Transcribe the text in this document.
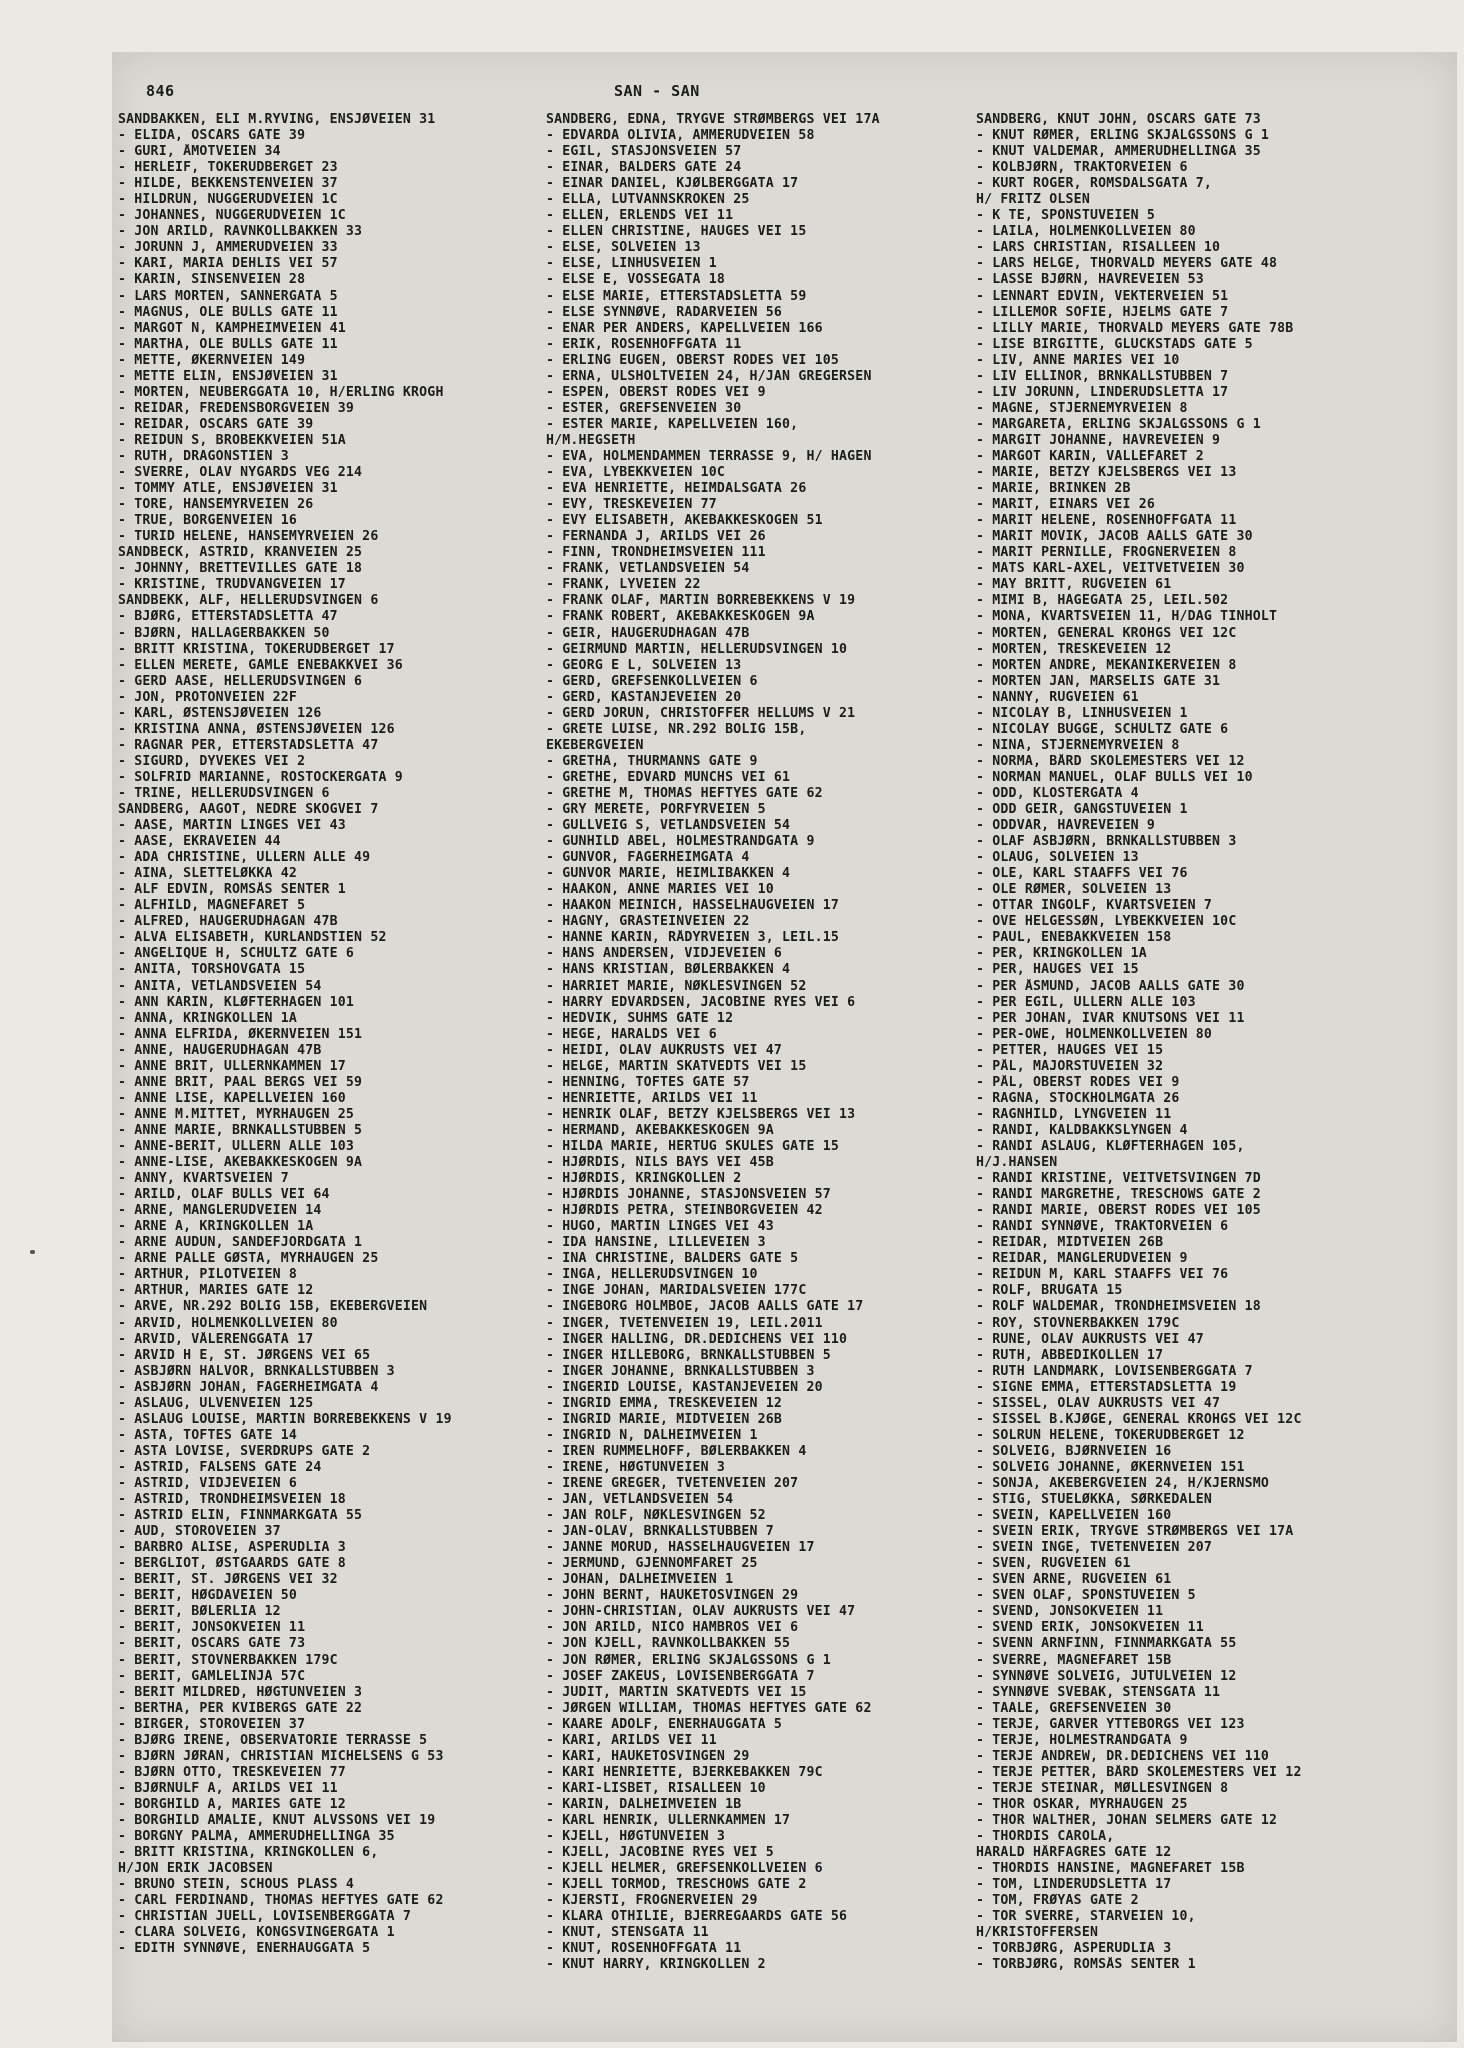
846	SAN - SAN
SANDBAKKEN, ELI M.RYVING, ENSJØVEIEN 31
- ELIDA, OSCARS GATE 39
- GURI, ÅMOTVEIEN 34
- HERLEIF, TOKERUDBERGET 23
- HILDE, BEKKENSTENVEIEN 37
- HILDRUN, NUGGERUDVEIEN 1C
- JOHANNES, NUGGERUDVEIEN 1C
- JON ARILD, RAVNKOLLBAKKEN 33
- JORUNN J, AMMERUDVEIEN 33
- KARI, MARIA DEHLIS VEI 57
- KARIN, SINSENVEIEN 28
- LARS MORTEN, SANNERGATA 5
- MAGNUS, OLE BULLS GATE 11
- MARGOT N, KAMPHEIMVEIEN 41
- MARTHA, OLE BULLS GATE 11
- METTE, ØKERNVEIEN 149
- METTE ELIN, ENSJØVEIEN 31
- MORTEN, NEUBERGGATA 10, H/ERLING KROGH
- REIDAR, FREDENSBORGVEIEN 39
- REIDAR, OSCARS GATE 39
- REIDUN S, BROBEKKVEIEN 51A
- RUTH, DRAGONSTIEN 3
- SVERRE, OLAV NYGARDS VEG 214
- TOMMY ATLE, ENSJØVEIEN 31
- TORE, HANSEMYRVEIEN 26
- TRUE, BORGENVEIEN 16
- TURID HELENE, HANSEMYRVEIEN 26
SANDBECK, ASTRID, KRANVEIEN 25
- JOHNNY, BRETTEVILLES GATE 18
- KRISTINE, TRUDVANGVEIEN 17
SANDBEKK, ALF, HELLERUDSVINGEN 6
- BJØRG, ETTERSTADSLETTA 47
- BJØRN, HALLAGERBAKKEN 50
- BRITT KRISTINA, TOKERUDBERGET 17
- ELLEN MERETE, GAMLE ENEBAKKVEI 36
- GERD AASE, HELLERUDSVINGEN 6
- JON, PROTONVEIEN 22F
- KARL, ØSTENSJØVEIEN 126
- KRISTINA ANNA, ØSTENSJØVEIEN 126
- RAGNAR PER, ETTERSTADSLETTA 47
- SIGURD, DYVEKES VEI 2
- SOLFRID MARIANNE, ROSTOCKERGATA 9
- TRINE, HELLERUDSVINGEN 6
SANDBERG, AAGOT, NEDRE SKOGVEI 7
- AASE, MARTIN LINGES VEI 43
- AASE, EKRAVEIEN 44
- ADA CHRISTINE, ULLERN ALLE 49
- AINA, SLETTELØKKA 42
- ALF EDVIN, ROMSÅS SENTER 1
- ALFHILD, MAGNEFARET 5
- ALFRED, HAUGERUDHAGAN 47B
- ALVA ELISABETH, KURLANDSTIEN 52
- ANGELIQUE H, SCHULTZ GATE 6
- ANITA, TORSHOVGATA 15
- ANITA, VETLANDSVEIEN 54
- ANN KARIN, KLØFTERHAGEN 101
- ANNA, KRINGKOLLEN 1A
- ANNA ELFRIDA, ØKERNVEIEN 151
- ANNE, HAUGERUDHAGAN 47B
- ANNE BRIT, ULLERNKAMMEN 17
- ANNE BRIT, PAAL BERGS VEI 59
- ANNE LISE, KAPELLVEIEN 160
- ANNE M.MITTET, MYRHAUGEN 25
- ANNE MARIE, BRNKALLSTUBBEN 5
- ANNE-BERIT, ULLERN ALLE 103
- ANNE-LISE, AKEBAKKESKOGEN 9A
- ANNY, KVARTSVEIEN 7
- ARILD, OLAF BULLS VEI 64
- ARNE, MANGLERUDVEIEN 14
- ARNE A, KRINGKOLLEN 1A
- ARNE AUDUN, SANDEFJORDGATA 1
- ARNE PALLE GØSTA, MYRHAUGEN 25
- ARTHUR, PILOTVEIEN 8
- ARTHUR, MARIES GATE 12
- ARVE, NR.292 BOLIG 15B, EKEBERGVEIEN
- ARVID, HOLMENKOLLVEIEN 80
- ARVID, VÅLERENGGATA 17
- ARVID H E, ST. JØRGENS VEI 65
- ASBJØRN HALVOR, BRNKALLSTUBBEN 3
- ASBJØRN JOHAN, FAGERHEIMGATA 4
- ASLAUG, ULVENVEIEN 125
- ASLAUG LOUISE, MARTIN BORREBEKKENS V 19
- ASTA, TOFTES GATE 14
- ASTA LOVISE, SVERDRUPS GATE 2
- ASTRID, FALSENS GATE 24
- ASTRID, VIDJEVEIEN 6
- ASTRID, TRONDHEIMSVEIEN 18
- ASTRID ELIN, FINNMARKGATA 55
- AUD, STOROVEIEN 37
- BARBRO ALISE, ASPERUDLIA 3
- BERGLIOT, ØSTGAARDS GATE 8
- BERIT, ST. JØRGENS VEI 32
- BERIT, HØGDAVEIEN 50
- BERIT, BØLERLIA 12
- BERIT, JONSOKVEIEN 11
- BERIT, OSCARS GATE 73
- BERIT, STOVNERBAKKEN 179C
- BERIT, GAMLELINJA 57C
- BERIT MILDRED, HØGTUNVEIEN 3
- BERTHA, PER KVIBERGS GATE 22
- BIRGER, STOROVEIEN 37
- BJØRG IRENE, OBSERVATORIE TERRASSE 5
- BJØRN JØRAN, CHRISTIAN MICHELSENS G 53
- BJØRN OTTO, TRESKEVEIEN 77
- BJØRNULF A, ARILDS VEI 11
- BORGHILD A, MARIES GATE 12
- BORGHILD AMALIE, KNUT ALVSSONS VEI 19
- BORGNY PALMA, AMMERUDHELLINGA 35
- BRITT KRISTINA, KRINGKOLLEN 6,
H/JON ERIK JACOBSEN
- BRUNO STEIN, SCHOUS PLASS 4
- CARL FERDINAND, THOMAS HEFTYES GATE 62
- CHRISTIAN JUELL, LOVISENBERGGATA 7
- CLARA SOLVEIG, KONGSVINGERGATA 1
- EDITH SYNNØVE, ENERHAUGGATA 5
SANDBERG, EDNA, TRYGVE STRØMBERGS VEI 17A
- EDVARDA OLIVIA, AMMERUDVEIEN 58
- EGIL, STASJONSVEIEN 57
- EINAR, BALDERS GATE 24
- EINAR DANIEL, KJØLBERGGATA 17
- ELLA, LUTVANNSKROKEN 25
- ELLEN, ERLENDS VEI 11
- ELLEN CHRISTINE, HAUGES VEI 15
- ELSE, SOLVEIEN 13
- ELSE, LINHUSVEIEN 1
- ELSE E, VOSSEGATA 18
- ELSE MARIE, ETTERSTADSLETTA 59
- ELSE SYNNØVE, RADARVEIEN 56
- ENAR PER ANDERS, KAPELLVEIEN 166
- ERIK, ROSENHOFFGATA 11
- ERLING EUGEN, OBERST RODES VEI 105
- ERNA, ULSHOLTVEIEN 24, H/JAN GREGERSEN
- ESPEN, OBERST RODES VEI 9
- ESTER, GREFSENVEIEN 30
- ESTER MARIE, KAPELLVEIEN 160,
H/M.HEGSETH
- EVA, HOLMENDAMMEN TERRASSE 9, H/ HAGEN
- EVA, LYBEKKVEIEN 10C
- EVA HENRIETTE, HEIMDALSGATA 26
- EVY, TRESKEVEIEN 77
- EVY ELISABETH, AKEBAKKESKOGEN 51
- FERNANDA J, ARILDS VEI 26
- FINN, TRONDHEIMSVEIEN 111
- FRANK, VETLANDSVEIEN 54
- FRANK, LYVEIEN 22
- FRANK OLAF, MARTIN BORREBEKKENS V 19
- FRANK ROBERT, AKEBAKKESKOGEN 9A
- GEIR, HAUGERUDHAGAN 47B
- GEIRMUND MARTIN, HELLERUDSVINGEN 10
- GEORG E L, SOLVEIEN 13
- GERD, GREFSENKOLLVEIEN 6
- GERD, KASTANJEVEIEN 20
- GERD JORUN, CHRISTOFFER HELLUMS V 21
- GRETE LUISE, NR.292 BOLIG 15B,
EKEBERGVEIEN
- GRETHA, THURMANNS GATE 9
- GRETHE, EDVARD MUNCHS VEI 61
- GRETHE M, THOMAS HEFTYES GATE 62
- GRY MERETE, PORFYRVEIEN 5
- GULLVEIG S, VETLANDSVEIEN 54
- GUNHILD ABEL, HOLMESTRANDGATA 9
- GUNVOR, FAGERHEIMGATA 4
- GUNVOR MARIE, HEIMLIBAKKEN 4
- HAAKON, ANNE MARIES VEI 10
- HAAKON MEINICH, HASSELHAUGVEIEN 17
- HAGNY, GRASTEINVEIEN 22
- HANNE KARIN, RÅDYRVEIEN 3, LEIL.15
- HANS ANDERSEN, VIDJEVEIEN 6
- HANS KRISTIAN, BØLERBAKKEN 4
- HARRIET MARIE, NØKLESVINGEN 52
- HARRY EDVARDSEN, JACOBINE RYES VEI 6
- HEDVIK, SUHMS GATE 12
- HEGE, HARALDS VEI 6
- HEIDI, OLAV AUKRUSTS VEI 47
- HELGE, MARTIN SKATVEDTS VEI 15
- HENNING, TOFTES GATE 57
- HENRIETTE, ARILDS VEI 11
- HENRIK OLAF, BETZY KJELSBERGS VEI 13
- HERMAND, AKEBAKKESKOGEN 9A
- HILDA MARIE, HERTUG SKULES GATE 15
- HJØRDIS, NILS BAYS VEI 45B
- HJØRDIS, KRINGKOLLEN 2
- HJØRDIS JOHANNE, STASJONSVEIEN 57
- HJØRDIS PETRA, STEINBORGVEIEN 42
- HUGO, MARTIN LINGES VEI 43
- IDA HANSINE, LILLEVEIEN 3
- INA CHRISTINE, BALDERS GATE 5
- INGA, HELLERUDSVINGEN 10
- INGE JOHAN, MARIDALSVEIEN 177C
- INGEBORG HOLMBOE, JACOB AALLS GATE 17
- INGER, TVETENVEIEN 19, LEIL.2011
- INGER HALLING, DR.DEDICHENS VEI 110
- INGER HILLEBORG, BRNKALLSTUBBEN 5
- INGER JOHANNE, BRNKALLSTUBBEN 3
- INGERID LOUISE, KASTANJEVEIEN 20
- INGRID EMMA, TRESKEVEIEN 12
- INGRID MARIE, MIDTVEIEN 26B
- INGRID N, DALHEIMVEIEN 1
- IREN RUMMELHOFF, BØLERBAKKEN 4
- IRENE, HØGTUNVEIEN 3
- IRENE GREGER, TVETENVEIEN 207
- JAN, VETLANDSVEIEN 54
- JAN ROLF, NØKLESVINGEN 52
- JAN-OLAV, BRNKALLSTUBBEN 7
- JANNE MORUD, HASSELHAUGVEIEN 17
- JERMUND, GJENNOMFARET 25
- JOHAN, DALHEIMVEIEN 1
- JOHN BERNT, HAUKETOSVINGEN 29
- JOHN-CHRISTIAN, OLAV AUKRUSTS VEI 47
- JON ARILD, NICO HAMBROS VEI 6
- JON KJELL, RAVNKOLLBAKKEN 55
- JON RØMER, ERLING SKJALGSSONS G 1
- JOSEF ZAKEUS, LOVISENBERGGATA 7
- JUDIT, MARTIN SKATVEDTS VEI 15
- JØRGEN WILLIAM, THOMAS HEFTYES GATE 62
- KAARE ADOLF, ENERHAUGGATA 5
- KARI, ARILDS VEI 11
- KARI, HAUKETOSVINGEN 29
- KARI HENRIETTE, BJERKEBAKKEN 79C
- KARI-LISBET, RISALLEEN 10
- KARIN, DALHEIMVEIEN 1B
- KARL HENRIK, ULLERNKAMMEN 17
- KJELL, HØGTUNVEIEN 3
- KJELL, JACOBINE RYES VEI 5
- KJELL HELMER, GREFSENKOLLVEIEN 6
- KJELL TORMOD, TRESCHOWS GATE 2
- KJERSTI, FROGNERVEIEN 29
- KLARA OTHILIE, BJERREGAARDS GATE 56
- KNUT, STENSGATA 11
- KNUT, ROSENHOFFGATA 11
- KNUT HARRY, KRINGKOLLEN 2
SANDBERG, KNUT JOHN, OSCARS GATE 73
- KNUT RØMER, ERLING SKJALGSSONS G 1
- KNUT VALDEMAR, AMMERUDHELLINGA 35
- KOLBJØRN, TRAKTORVEIEN 6
- KURT ROGER, ROMSDALSGATA 7,
H/ FRITZ OLSEN
- K TE, SPONSTUVEIEN 5
- LAILA, HOLMENKOLLVEIEN 80
- LARS CHRISTIAN, RISALLEEN 10
- LARS HELGE, THORVALD MEYERS GATE 48
- LASSE BJØRN, HAVREVEIEN 53
- LENNART EDVIN, VEKTERVEIEN 51
- LILLEMOR SOFIE, HJELMS GATE 7
- LILLY MARIE, THORVALD MEYERS GATE 78B
- LISE BIRGITTE, GLÜCKSTADS GATE 5
- LIV, ANNE MARIES VEI 10
- LIV ELLINOR, BRNKALLSTUBBEN 7
- LIV JORUNN, LINDERUDSLETTA 17
- MAGNE, STJERNEMYRVEIEN 8
- MARGARETA, ERLING SKJALGSSONS G 1
- MARGIT JOHANNE, HAVREVEIEN 9
- MARGOT KARIN, VALLEFARET 2
- MARIE, BETZY KJELSBERGS VEI 13
- MARIE, BRINKEN 2B
- MARIT, EINARS VEI 26
- MARIT HELENE, ROSENHOFFGATA 11
- MARIT MOVIK, JACOB AALLS GATE 30
- MARIT PERNILLE, FROGNERVEIEN 8
- MATS KARL-AXEL, VEITVETVEIEN 30
- MAY BRITT, RUGVEIEN 61
- MIMI B, HAGEGATA 25, LEIL.502
- MONA, KVARTSVEIEN 11, H/DAG TINHOLT
- MORTEN, GENERAL KROHGS VEI 12C
- MORTEN, TRESKEVEIEN 12
- MORTEN ANDRE, MEKANIKERVEIEN 8
- MORTEN JAN, MARSELIS GATE 31
- NANNY, RUGVEIEN 61
- NICOLAY B, LINHUSVEIEN 1
- NICOLAY BUGGE, SCHULTZ GATE 6
- NINA, STJERNEMYRVEIEN 8
- NORMA, BÅRD SKOLEMESTERS VEI 12
- NORMAN MANUEL, OLAF BULLS VEI 10
- ODD, KLOSTERGATA 4
- ODD GEIR, GANGSTUVEIEN 1
- ODDVAR, HAVREVEIEN 9
- OLAF ASBJØRN, BRNKALLSTUBBEN 3
- OLAUG, SOLVEIEN 13
- OLE, KARL STAAFFS VEI 76
- OLE RØMER, SOLVEIEN 13
- OTTAR INGOLF, KVARTSVEIEN 7
- OVE HELGESSØN, LYBEKKVEIEN 10C
- PAUL, ENEBAKKVEIEN 158
- PER, KRINGKOLLEN 1A
- PER, HAUGES VEI 15
- PER ÅSMUND, JACOB AALLS GATE 30
- PER EGIL, ULLERN ALLE 103
- PER JOHAN, IVAR KNUTSONS VEI 11
- PER-OWE, HOLMENKOLLVEIEN 80
- PETTER, HAUGES VEI 15
- PÅL, MAJORSTUVEIEN 32
- PÅL, OBERST RODES VEI 9
- RAGNA, STOCKHOLMGATA 26
- RAGNHILD, LYNGVEIEN 11
- RANDI, KALDBAKKSLYNGEN 4
- RANDI ASLAUG, KLØFTERHAGEN 105,
H/J.HANSEN
- RANDI KRISTINE, VEITVETSVINGEN 7D
- RANDI MARGRETHE, TRESCHOWS GATE 2
- RANDI MARIE, OBERST RODES VEI 105
- RANDI SYNNØVE, TRAKTORVEIEN 6
- REIDAR, MIDTVEIEN 26B
- REIDAR, MANGLERUDVEIEN 9
- REIDUN M, KARL STAAFFS VEI 76
- ROLF, BRUGATA 15
- ROLF WALDEMAR, TRONDHEIMSVEIEN 18
- ROY, STOVNERBAKKEN 179C
- RUNE, OLAV AUKRUSTS VEI 47
- RUTH, ABBEDIKOLLEN 17
- RUTH LANDMARK, LOVISENBERGGATA 7
- SIGNE EMMA, ETTERSTADSLETTA 19
- SISSEL, OLAV AUKRUSTS VEI 47
- SISSEL B.KJØGE, GENERAL KROHGS VEI 12C
- SOLRUN HELENE, TOKERUDBERGET 12
- SOLVEIG, BJØRNVEIEN 16
- SOLVEIG JOHANNE, ØKERNVEIEN 151
- SONJA, AKEBERGVEIEN 24, H/KJERNSMO
- STIG, STUELØKKA, SØRKEDALEN
- SVEIN, KAPELLVEIEN 160
- SVEIN ERIK, TRYGVE STRØMBERGS VEI 17A
- SVEIN INGE, TVETENVEIEN 207
- SVEN, RUGVEIEN 61
- SVEN ARNE, RUGVEIEN 61
- SVEN OLAF, SPONSTUVEIEN 5
- SVEND, JONSOKVEIEN 11
- SVEND ERIK, JONSOKVEIEN 11
- SVENN ARNFINN, FINNMARKGATA 55
- SVERRE, MAGNEFARET 15B
- SYNNØVE SOLVEIG, JUTULVEIEN 12
- SYNNØVE SVEBAK, STENSGATA 11
- TAALE, GREFSENVEIEN 30
- TERJE, GARVER YTTEBORGS VEI 123
- TERJE, HOLMESTRANDGATA 9
- TERJE ANDREW, DR.DEDICHENS VEI 110
- TERJE PETTER, BÅRD SKOLEMESTERS VEI 12
- TERJE STEINAR, MØLLESVINGEN 8
- THOR OSKAR, MYRHAUGEN 25
- THOR WALTHER, JOHAN SELMERS GATE 12
- THORDIS CAROLA,
HARALD HÅRFAGRES GATE 12
- THORDIS HANSINE, MAGNEFARET 15B
- TOM, LINDERUDSLETTA 17
- TOM, FRØYAS GATE 2
- TOR SVERRE, STARVEIEN 10,
H/KRISTOFFERSEN
- TORBJØRG, ASPERUDLIA 3
- TORBJØRG, ROMSÅS SENTER 1
